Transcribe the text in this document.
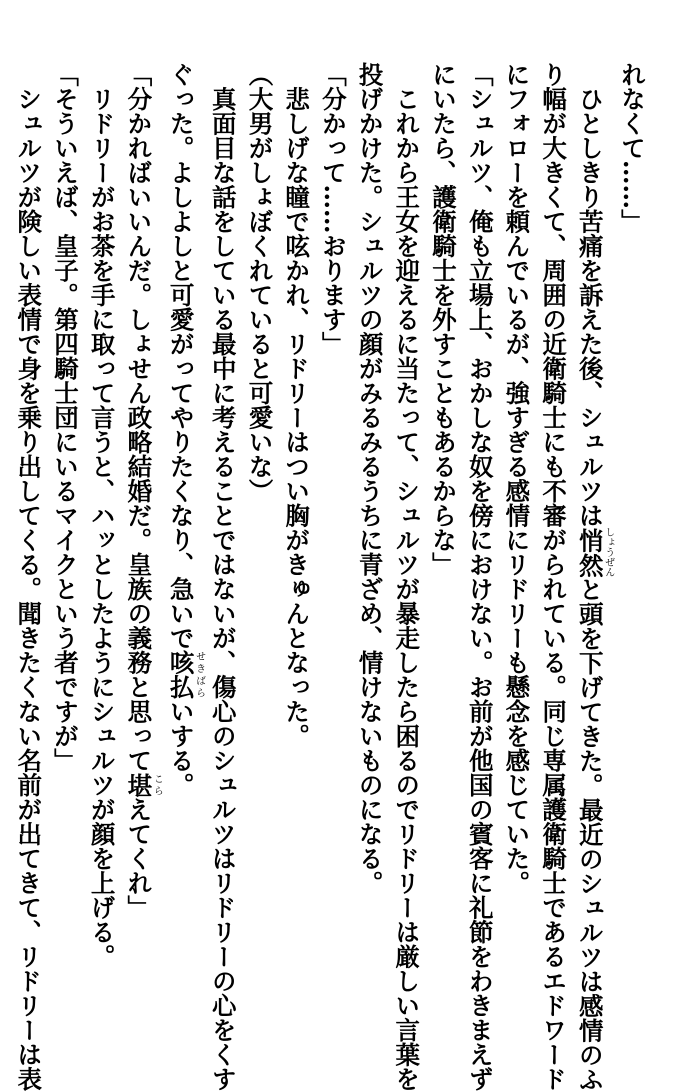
れなくて……」
　ひとしきり苦痛を訴えた後、シュルツは悄然しょうぜんと頭を下げてきた。最近のシュルツは感情のふ
り幅が大きくて、周囲の近衛騎士にも不審がられている。同じ専属護衛騎士であるエドワード
にフォローを頼んでいるが、強すぎる感情にリドリーも懸念を感じていた。
「シュルツ、俺も立場上、おかしな奴を傍におけない。お前が他国の賓客に礼節をわきまえず
にいたら、護衛騎士を外すこともあるからな」
　これから王女を迎えるに当たって、シュルツが暴走したら困るのでリドリーは厳しい言葉を
投げかけた。シュルツの顔がみるみるうちに青ざめ、情けないものになる。
「分かって……おります」
　悲しげな瞳で呟かれ、リドリーはつい胸がきゅんとなった。
（大男がしょぼくれていると可愛いな）
　真面目な話をしている最中に考えることではないが、傷心のシュルツはリドリーの心をくす
ぐった。よしよしと可愛がってやりたくなり、急いで咳払せきばらいする。
「分かればいいんだ。しょせん政略結婚だ。皇族の義務と思って堪こらえてくれ」
　リドリーがお茶を手に取って言うと、ハッとしたようにシュルツが顔を上げる。
「そういえば、皇子。第四騎士団にいるマイクという者ですが」
　シュルツが険しい表情で身を乗り出してくる。聞きたくない名前が出てきて、リドリーは表
